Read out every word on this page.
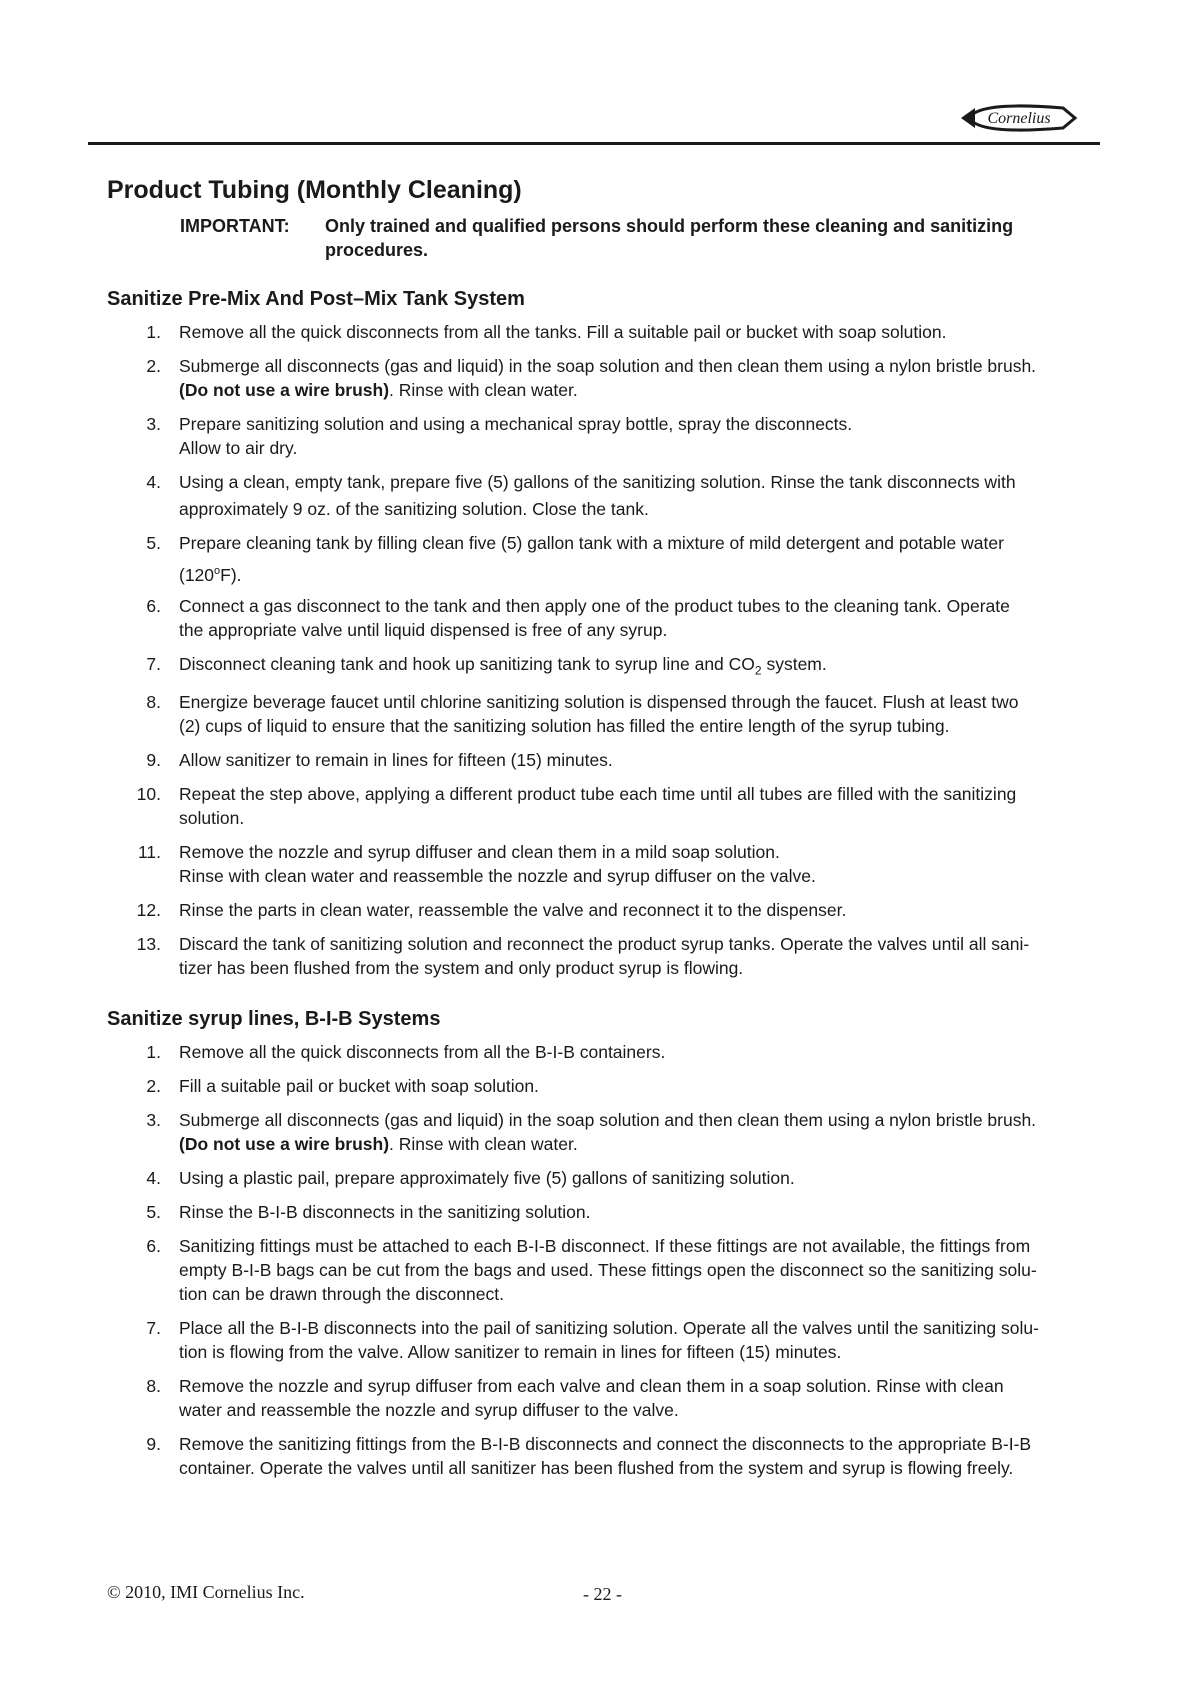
Cornelius
Product Tubing (Monthly Cleaning)
IMPORTANT: Only trained and qualified persons should perform these cleaning and sanitizing
procedures.
Sanitize Pre-Mix And Post–Mix Tank System
1. Remove all the quick disconnects from all the tanks. Fill a suitable pail or bucket with soap solution.
2. Submerge all disconnects (gas and liquid) in the soap solution and then clean them using a nylon bristle brush.
(Do not use a wire brush). Rinse with clean water.
3. Prepare sanitizing solution and using a mechanical spray bottle, spray the disconnects.
Allow to air dry.
4. Using a clean, empty tank, prepare five (5) gallons of the sanitizing solution. Rinse the tank disconnects with
approximately 9 oz. of the sanitizing solution. Close the tank.
5. Prepare cleaning tank by filling clean five (5) gallon tank with a mixture of mild detergent and potable water
(120$^o$F).
6. Connect a gas disconnect to the tank and then apply one of the product tubes to the cleaning tank. Operate
the appropriate valve until liquid dispensed is free of any syrup.
7. Disconnect cleaning tank and hook up sanitizing tank to syrup line and $CO_2$ system.
8. Energize beverage faucet until chlorine sanitizing solution is dispensed through the faucet. Flush at least two
(2) cups of liquid to ensure that the sanitizing solution has filled the entire length of the syrup tubing.
9. Allow sanitizer to remain in lines for fifteen (15) minutes.
10. Repeat the step above, applying a different product tube each time until all tubes are filled with the sanitizing
solution.
11. Remove the nozzle and syrup diffuser and clean them in a mild soap solution.
Rinse with clean water and reassemble the nozzle and syrup diffuser on the valve.
12. Rinse the parts in clean water, reassemble the valve and reconnect it to the dispenser.
13. Discard the tank of sanitizing solution and reconnect the product syrup tanks. Operate the valves until all sani-
tizer has been flushed from the system and only product syrup is flowing.
Sanitize syrup lines, B-I-B Systems
1. Remove all the quick disconnects from all the B-I-B containers.
2. Fill a suitable pail or bucket with soap solution.
3. Submerge all disconnects (gas and liquid) in the soap solution and then clean them using a nylon bristle brush.
(Do not use a wire brush). Rinse with clean water.
4. Using a plastic pail, prepare approximately five (5) gallons of sanitizing solution.
5. Rinse the B-I-B disconnects in the sanitizing solution.
6. Sanitizing fittings must be attached to each B-I-B disconnect. If these fittings are not available, the fittings from
empty B-I-B bags can be cut from the bags and used. These fittings open the disconnect so the sanitizing solu-
tion can be drawn through the disconnect.
7. Place all the B-I-B disconnects into the pail of sanitizing solution. Operate all the valves until the sanitizing solu-
tion is flowing from the valve. Allow sanitizer to remain in lines for fifteen (15) minutes.
8. Remove the nozzle and syrup diffuser from each valve and clean them in a soap solution. Rinse with clean
water and reassemble the nozzle and syrup diffuser to the valve.
9. Remove the sanitizing fittings from the B-I-B disconnects and connect the disconnects to the appropriate B-I-B
container. Operate the valves until all sanitizer has been flushed from the system and syrup is flowing freely.
© 2010, IMI Cornelius Inc.	- 22 -
